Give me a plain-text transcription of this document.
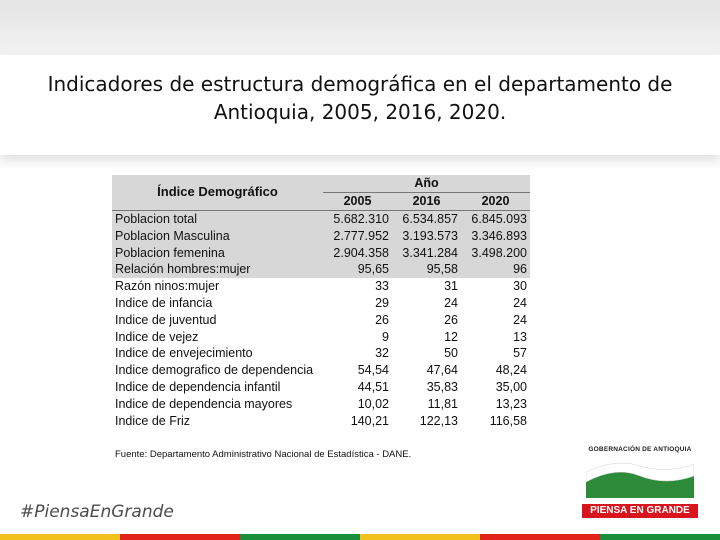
Indicadores de estructura demográfica en el departamento de Antioquia, 2005, 2016, 2020.
Índice Demográfico	Año		
	2005	2016	2020
Poblacion total	5.682.310	6.534.857	6.845.093
Poblacion Masculina	2.777.952	3.193.573	3.346.893
Poblacion femenina	2.904.358	3.341.284	3.498.200
Relación hombres:mujer	95,65	95,58	96
Razón ninos:mujer	33	31	30
Indice de infancia	29	24	24
Indice de juventud	26	26	24
Indice de vejez	9	12	13
Indice de envejecimiento	32	50	57
Indice demografico de dependencia	54,54	47,64	48,24
Indice de dependencia infantil	44,51	35,83	35,00
Indice de dependencia mayores	10,02	11,81	13,23
Indice de Friz	140,21	122,13	116,58
Fuente: Departamento Administrativo Nacional de Estadística - DANE.
#PiensaEnGrande
GOBERNACIÓN DE ANTIOQUIA
PIENSA EN GRANDE
